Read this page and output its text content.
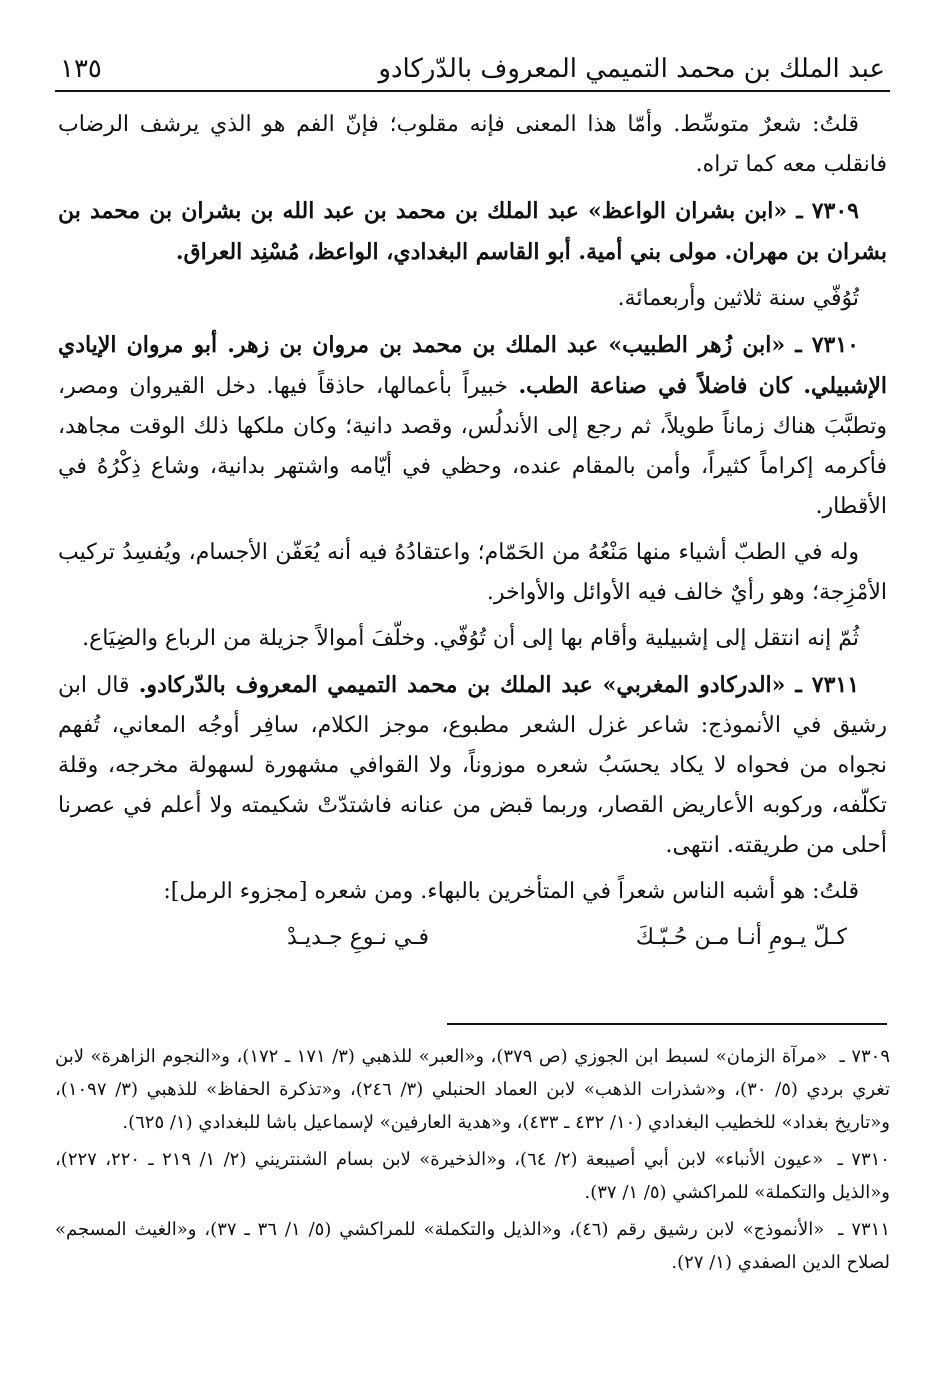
عبد الملك بن محمد التميمي المعروف بالدّركادو
١٣٥

قلتُ: شعرٌ متوسِّط. وأمّا هذا المعنى فإنه مقلوب؛ فإنّ الفم هو الذي يرشف الرضاب فانقلب معه كما تراه.

٧٣٠٩ ـ «ابن بشران الواعظ» عبد الملك بن محمد بن عبد الله بن بشران بن محمد بن بشران بن مهران. مولى بني أمية. أبو القاسم البغدادي، الواعظ، مُسْنِد العراق.

تُوُفّي سنة ثلاثين وأربعمائة.

٧٣١٠ ـ «ابن زُهر الطبيب» عبد الملك بن محمد بن مروان بن زهر. أبو مروان الإيادي الإشبيلي. كان فاضلاً في صناعة الطب. خبيراً بأعمالها، حاذقاً فيها. دخل القيروان ومصر، وتطبَّبَ هناك زماناً طويلاً، ثم رجع إلى الأندلُس، وقصد دانية؛ وكان ملكها ذلك الوقت مجاهد، فأكرمه إكراماً كثيراً، وأمن بالمقام عنده، وحظي في أيّامه واشتهر بدانية، وشاع ذِكْرُهُ في الأقطار.

وله في الطبّ أشياء منها مَنْعُهُ من الحَمّام؛ واعتقادُهُ فيه أنه يُعَفّن الأجسام، ويُفسِدُ تركيب الأمْزِجة؛ وهو رأيٌ خالف فيه الأوائل والأواخر.

ثُمّ إنه انتقل إلى إشبيلية وأقام بها إلى أن تُوُفّي. وخلّفَ أموالاً جزيلة من الرباع والضِيَاع.

٧٣١١ ـ «الدركادو المغربي» عبد الملك بن محمد التميمي المعروف بالدّركادو. قال ابن رشيق في الأنموذج: شاعر غزل الشعر مطبوع، موجز الكلام، سافِر أوجُه المعاني، تُفهم نجواه من فحواه لا يكاد يحسَبُ شعره موزوناً، ولا القوافي مشهورة لسهولة مخرجه، وقلة تكلّفه، وركوبه الأعاريض القصار، وربما قبض من عنانه فاشتدّتْ شكيمته ولا أعلم في عصرنا أحلى من طريقته. انتهى.

قلتُ: هو أشبه الناس شعراً في المتأخرين بالبهاء. ومن شعره [مجزوء الرمل]:

كـلّ يـومِ أنـا مـن حُـبّـكَ
فـي نـوعِ جـديـدْ

٧٣٠٩ ـ «مرآة الزمان» لسبط ابن الجوزي (ص ٣٧٩)، و«العبر» للذهبي (٣/ ١٧١ ـ ١٧٢)، و«النجوم الزاهرة» لابن تغري بردي (٥/ ٣٠)، و«شذرات الذهب» لابن العماد الحنبلي (٣/ ٢٤٦)، و«تذكرة الحفاظ» للذهبي (٣/ ١٠٩٧)، و«تاريخ بغداد» للخطيب البغدادي (١٠/ ٤٣٢ ـ ٤٣٣)، و«هدية العارفين» لإسماعيل باشا للبغدادي (١/ ٦٢٥).

٧٣١٠ ـ «عيون الأنباء» لابن أبي أصيبعة (٢/ ٦٤)، و«الذخيرة» لابن بسام الشنتريني (٢/ ١/ ٢١٩ ـ ٢٢٠، ٢٢٧)، و«الذيل والتكملة» للمراكشي (٥/ ١/ ٣٧).

٧٣١١ ـ «الأنموذج» لابن رشيق رقم (٤٦)، و«الذيل والتكملة» للمراكشي (٥/ ١/ ٣٦ ـ ٣٧)، و«الغيث المسجم» لصلاح الدين الصفدي (١/ ٢٧).
